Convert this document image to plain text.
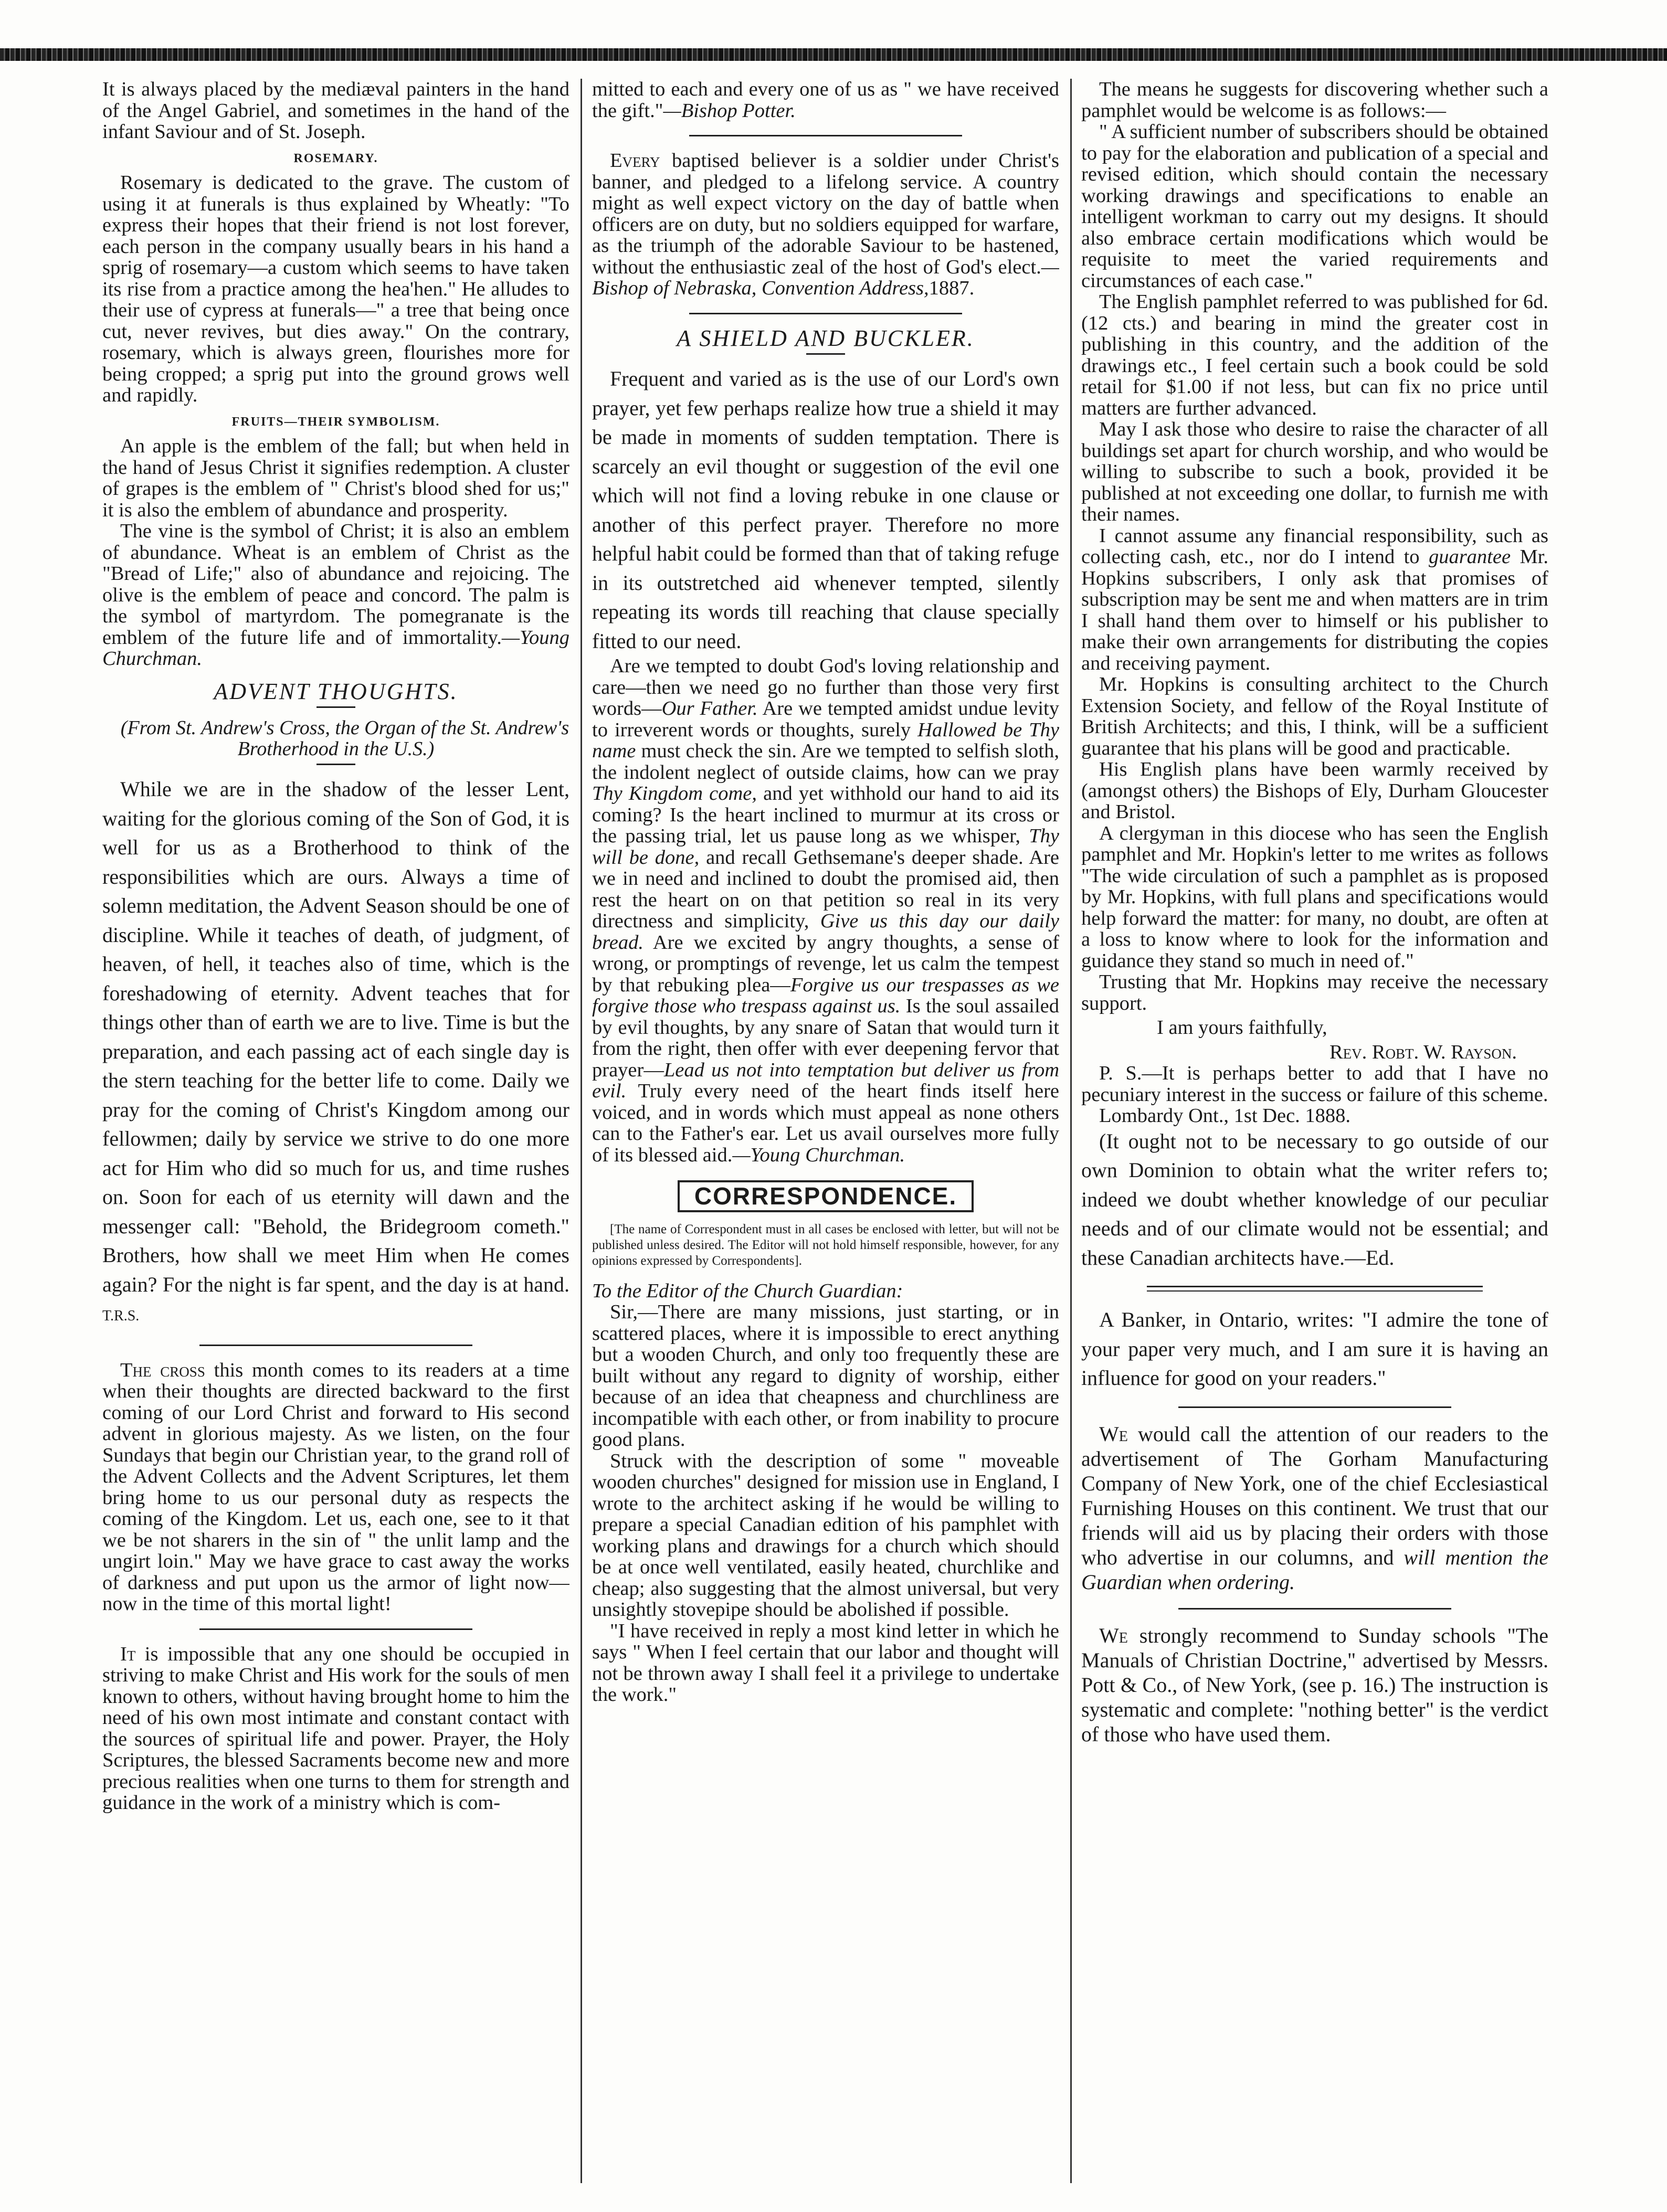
It is always placed by the mediæval painters in the hand of the Angel Gabriel, and sometimes in the hand of the infant Saviour and of St. Joseph.

ROSEMARY.

Rosemary is dedicated to the grave. The custom of using it at funerals is thus explained by Wheatly: "To express their hopes that their friend is not lost forever, each person in the company usually bears in his hand a sprig of rosemary—a custom which seems to have taken its rise from a practice among the hea'hen." He alludes to their use of cypress at funerals—" a tree that being once cut, never revives, but dies away." On the contrary, rosemary, which is always green, flourishes more for being cropped; a sprig put into the ground grows well and rapidly.

FRUITS—THEIR SYMBOLISM.

An apple is the emblem of the fall; but when held in the hand of Jesus Christ it signifies redemption. A cluster of grapes is the emblem of " Christ's blood shed for us;" it is also the emblem of abundance and prosperity.

The vine is the symbol of Christ; it is also an emblem of abundance. Wheat is an emblem of Christ as the "Bread of Life;" also of abundance and rejoicing. The olive is the emblem of peace and concord. The palm is the symbol of martyrdom. The pomegranate is the emblem of the future life and of immortality.—Young Churchman.

ADVENT THOUGHTS.

(From St. Andrew's Cross, the Organ of the St. Andrew's Brotherhood in the U.S.)

While we are in the shadow of the lesser Lent, waiting for the glorious coming of the Son of God, it is well for us as a Brotherhood to think of the responsibilities which are ours. Always a time of solemn meditation, the Advent Season should be one of discipline. While it teaches of death, of judgment, of heaven, of hell, it teaches also of time, which is the foreshadowing of eternity. Advent teaches that for things other than of earth we are to live. Time is but the preparation, and each passing act of each single day is the stern teaching for the better life to come. Daily we pray for the coming of Christ's Kingdom among our fellowmen; daily by service we strive to do one more act for Him who did so much for us, and time rushes on. Soon for each of us eternity will dawn and the messenger call: "Behold, the Bridegroom cometh." Brothers, how shall we meet Him when He comes again? For the night is far spent, and the day is at hand. T.R.S.

The cross this month comes to its readers at a time when their thoughts are directed backward to the first coming of our Lord Christ and forward to His second advent in glorious majesty. As we listen, on the four Sundays that begin our Christian year, to the grand roll of the Advent Collects and the Advent Scriptures, let them bring home to us our personal duty as respects the coming of the Kingdom. Let us, each one, see to it that we be not sharers in the sin of " the unlit lamp and the ungirt loin." May we have grace to cast away the works of darkness and put upon us the armor of light now—now in the time of this mortal light!

It is impossible that any one should be occupied in striving to make Christ and His work for the souls of men known to others, without having brought home to him the need of his own most intimate and constant contact with the sources of spiritual life and power. Prayer, the Holy Scriptures, the blessed Sacraments become new and more precious realities when one turns to them for strength and guidance in the work of a ministry which is com-

mitted to each and every one of us as " we have received the gift."—Bishop Potter.

Every baptised believer is a soldier under Christ's banner, and pledged to a lifelong service. A country might as well expect victory on the day of battle when officers are on duty, but no soldiers equipped for warfare, as the triumph of the adorable Saviour to be hastened, without the enthusiastic zeal of the host of God's elect.—Bishop of Nebraska, Convention Address,1887.

A SHIELD AND BUCKLER.

Frequent and varied as is the use of our Lord's own prayer, yet few perhaps realize how true a shield it may be made in moments of sudden temptation. There is scarcely an evil thought or suggestion of the evil one which will not find a loving rebuke in one clause or another of this perfect prayer. Therefore no more helpful habit could be formed than that of taking refuge in its outstretched aid whenever tempted, silently repeating its words till reaching that clause specially fitted to our need.

Are we tempted to doubt God's loving relationship and care—then we need go no further than those very first words—Our Father. Are we tempted amidst undue levity to irreverent words or thoughts, surely Hallowed be Thy name must check the sin. Are we tempted to selfish sloth, the indolent neglect of outside claims, how can we pray Thy Kingdom come, and yet withhold our hand to aid its coming? Is the heart inclined to murmur at its cross or the passing trial, let us pause long as we whisper, Thy will be done, and recall Gethsemane's deeper shade. Are we in need and inclined to doubt the promised aid, then rest the heart on on that petition so real in its very directness and simplicity, Give us this day our daily bread. Are we excited by angry thoughts, a sense of wrong, or promptings of revenge, let us calm the tempest by that rebuking plea—Forgive us our trespasses as we forgive those who trespass against us. Is the soul assailed by evil thoughts, by any snare of Satan that would turn it from the right, then offer with ever deepening fervor that prayer—Lead us not into temptation but deliver us from evil. Truly every need of the heart finds itself here voiced, and in words which must appeal as none others can to the Father's ear. Let us avail ourselves more fully of its blessed aid.—Young Churchman.

CORRESPONDENCE.

[The name of Correspondent must in all cases be enclosed with letter, but will not be published unless desired. The Editor will not hold himself responsible, however, for any opinions expressed by Correspondents].

To the Editor of the Church Guardian:

Sir,—There are many missions, just starting, or in scattered places, where it is impossible to erect anything but a wooden Church, and only too frequently these are built without any regard to dignity of worship, either because of an idea that cheapness and churchliness are incompatible with each other, or from inability to procure good plans.

Struck with the description of some " moveable wooden churches" designed for mission use in England, I wrote to the architect asking if he would be willing to prepare a special Canadian edition of his pamphlet with working plans and drawings for a church which should be at once well ventilated, easily heated, churchlike and cheap; also suggesting that the almost universal, but very unsightly stovepipe should be abolished if possible.

"I have received in reply a most kind letter in which he says " When I feel certain that our labor and thought will not be thrown away I shall feel it a privilege to undertake the work."

The means he suggests for discovering whether such a pamphlet would be welcome is as follows:—

" A sufficient number of subscribers should be obtained to pay for the elaboration and publication of a special and revised edition, which should contain the necessary working drawings and specifications to enable an intelligent workman to carry out my designs. It should also embrace certain modifications which would be requisite to meet the varied requirements and circumstances of each case."

The English pamphlet referred to was published for 6d. (12 cts.) and bearing in mind the greater cost in publishing in this country, and the addition of the drawings etc., I feel certain such a book could be sold retail for $1.00 if not less, but can fix no price until matters are further advanced.

May I ask those who desire to raise the character of all buildings set apart for church worship, and who would be willing to subscribe to such a book, provided it be published at not exceeding one dollar, to furnish me with their names.

I cannot assume any financial responsibility, such as collecting cash, etc., nor do I intend to guarantee Mr. Hopkins subscribers, I only ask that promises of subscription may be sent me and when matters are in trim I shall hand them over to himself or his publisher to make their own arrangements for distributing the copies and receiving payment.

Mr. Hopkins is consulting architect to the Church Extension Society, and fellow of the Royal Institute of British Architects; and this, I think, will be a sufficient guarantee that his plans will be good and practicable.

His English plans have been warmly received by (amongst others) the Bishops of Ely, Durham Gloucester and Bristol.

A clergyman in this diocese who has seen the English pamphlet and Mr. Hopkin's letter to me writes as follows "The wide circulation of such a pamphlet as is proposed by Mr. Hopkins, with full plans and specifications would help forward the matter: for many, no doubt, are often at a loss to know where to look for the information and guidance they stand so much in need of."

Trusting that Mr. Hopkins may receive the necessary support.

I am yours faithfully,

Rev. Robt. W. Rayson.

P. S.—It is perhaps better to add that I have no pecuniary interest in the success or failure of this scheme.

Lombardy Ont., 1st Dec. 1888.

(It ought not to be necessary to go outside of our own Dominion to obtain what the writer refers to; indeed we doubt whether knowledge of our peculiar needs and of our climate would not be essential; and these Canadian architects have.—Ed.

A Banker, in Ontario, writes: "I admire the tone of your paper very much, and I am sure it is having an influence for good on your readers."

We would call the attention of our readers to the advertisement of The Gorham Manufacturing Company of New York, one of the chief Ecclesiastical Furnishing Houses on this continent. We trust that our friends will aid us by placing their orders with those who advertise in our columns, and will mention the Guardian when ordering.

We strongly recommend to Sunday schools "The Manuals of Christian Doctrine," advertised by Messrs. Pott & Co., of New York, (see p. 16.) The instruction is systematic and complete: "nothing better" is the verdict of those who have used them.
